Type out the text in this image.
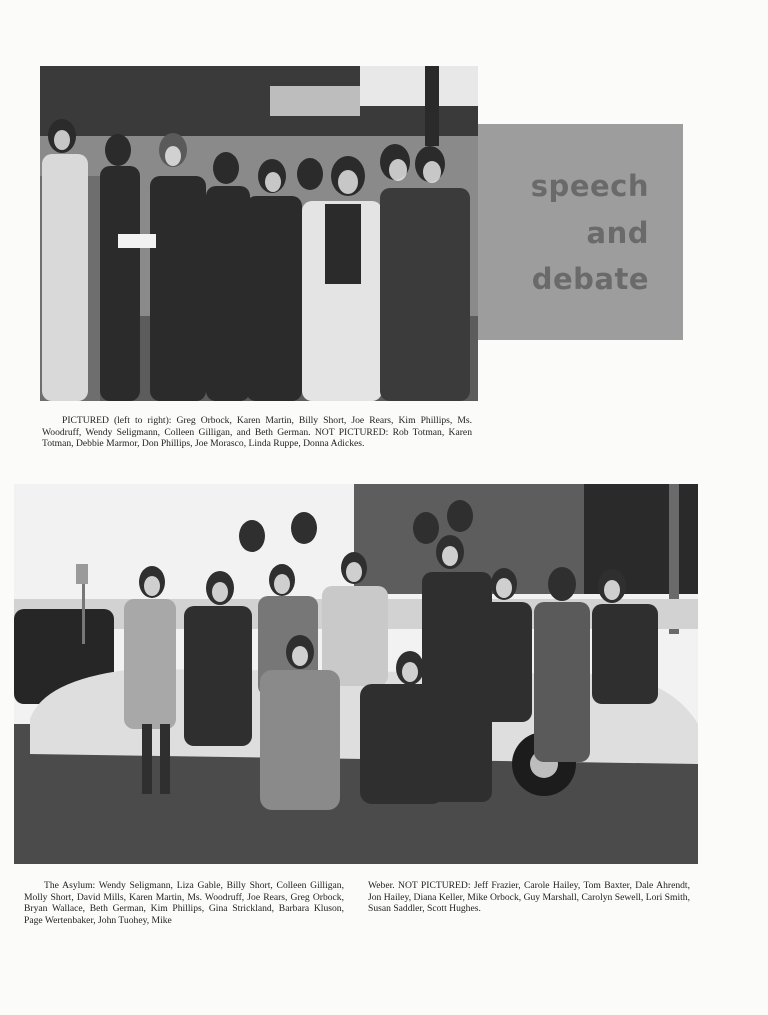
speech
and
debate
PICTURED (left to right): Greg Orbock, Karen Martin, Billy Short, Joe Rears, Kim Phillips, Ms. Woodruff, Wendy Seligmann, Colleen Gilligan, and Beth German. NOT PICTURED: Rob Totman, Karen Totman, Debbie Marmor, Don Phillips, Joe Morasco, Linda Ruppe, Donna Adickes.
The Asylum: Wendy Seligmann, Liza Gable, Billy Short, Colleen Gilligan, Molly Short, David Mills, Karen Martin, Ms. Woodruff, Joe Rears, Greg Orbock, Bryan Wallace, Beth German, Kim Phillips, Gina Strickland, Barbara Kluson, Page Wertenbaker, John Tuohey, Mike
Weber. NOT PICTURED: Jeff Frazier, Carole Hailey, Tom Baxter, Dale Ahrendt, Jon Hailey, Diana Keller, Mike Orbock, Guy Marshall, Carolyn Sewell, Lori Smith, Susan Saddler, Scott Hughes.
